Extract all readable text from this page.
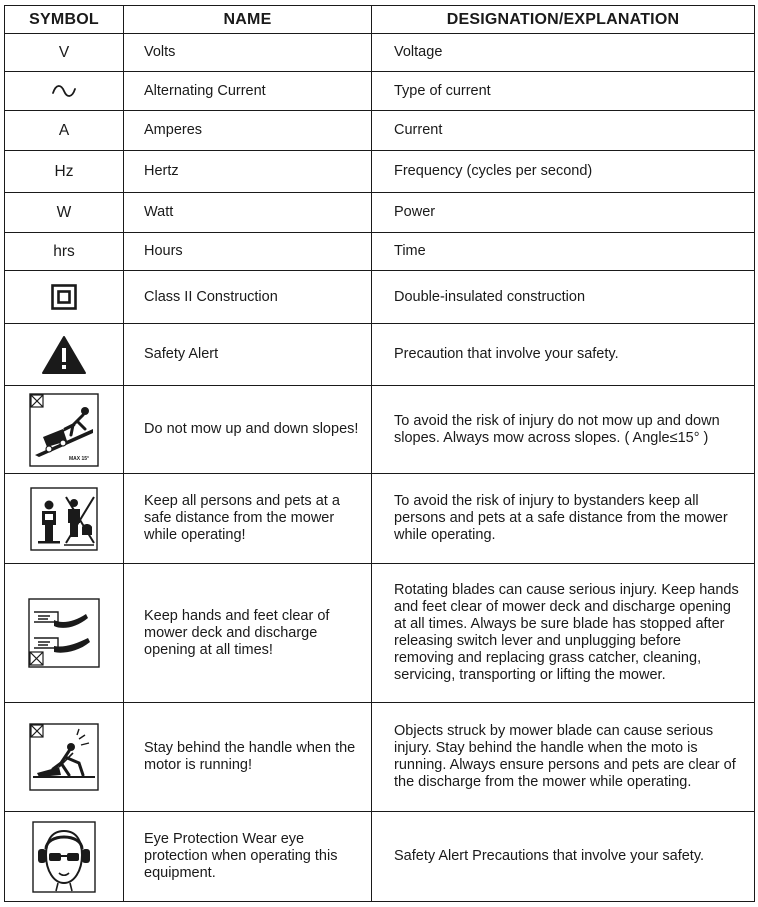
SYMBOL	NAME	DESIGNATION/EXPLANATION
V	Volts	Voltage

	Alternating Current	Type of current
A	Amperes	Current
Hz	Hertz	Frequency (cycles per second)
W	Watt	Power
hrs	Hours	Time

	Class II Construction	Double-insulated construction

	Safety Alert	Precaution that involve your safety.

MAX 15°	Do not mow up and down slopes!	To avoid the risk of injury do not mow up and down slopes. Always mow across slopes. ( Angle≤15° )

	Keep all persons and pets at a safe distance from the mower while operating!	To avoid the risk of injury to bystanders keep all persons and pets at a safe distance from the mower while operating.

	Keep hands and feet clear of mower deck and discharge opening at all times!	Rotating blades can cause serious injury. Keep hands and feet clear of mower deck and discharge opening at all times. Always be sure blade has stopped after releasing switch lever and unplugging before removing and replacing grass catcher, cleaning, servicing, transporting or lifting the mower.

	Stay behind the handle when the motor is running!	Objects struck by mower blade can cause serious injury. Stay behind the handle when the moto is running. Always ensure persons and pets are clear of the discharge from the mower while operating.

	Eye Protection Wear eye protection when operating this equipment.	Safety Alert Precautions that involve your safety.
